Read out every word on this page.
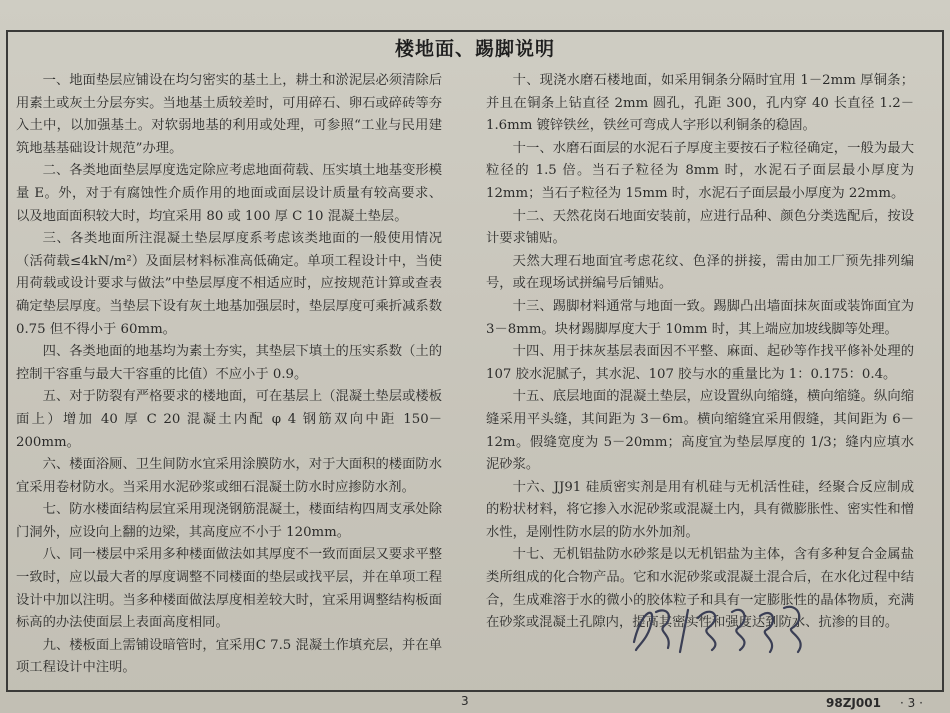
楼地面、踢脚说明

一、地面垫层应铺设在均匀密实的基土上，耕土和淤泥层必须清除后用素土或灰土分层夯实。当地基土质较差时，可用碎石、卵石或碎砖等夯入土中，以加强基土。对软弱地基的利用或处理，可参照“工业与民用建筑地基基础设计规范”办理。

二、各类地面垫层厚度选定除应考虑地面荷载、压实填土地基变形模量 E。外，对于有腐蚀性介质作用的地面或面层设计质量有较高要求、以及地面面积较大时，均宜采用 80 或 100 厚 C 10 混凝土垫层。

三、各类地面所注混凝土垫层厚度系考虑该类地面的一般使用情况（活荷载≤4kN/m²）及面层材料标准高低确定。单项工程设计中，当使用荷载或设计要求与做法”中垫层厚度不相适应时，应按规范计算或查表确定垫层厚度。当垫层下设有灰土地基加强层时，垫层厚度可乘折减系数 0.75 但不得小于 60mm。

四、各类地面的地基均为素土夯实，其垫层下填土的压实系数（土的控制干容重与最大干容重的比值）不应小于 0.9。

五、对于防裂有严格要求的楼地面，可在基层上（混凝土垫层或楼板面上）增加 40 厚 C 20 混凝土内配 φ 4 钢筋双向中距 150－200mm。

六、楼面浴厕、卫生间防水宜采用涂膜防水，对于大面积的楼面防水宜采用卷材防水。当采用水泥砂浆或细石混凝土防水时应掺防水剂。

七、防水楼面结构层宜采用现浇钢筋混凝土，楼面结构四周支承处除门洞外，应设向上翻的边梁，其高度应不小于 120mm。

八、同一楼层中采用多种楼面做法如其厚度不一致而面层又要求平整一致时，应以最大者的厚度调整不同楼面的垫层或找平层，并在单项工程设计中加以注明。当多种楼面做法厚度相差较大时，宜采用调整结构板面标高的办法使面层上表面高度相同。

九、楼板面上需铺设暗管时，宜采用C 7.5 混凝土作填充层，并在单项工程设计中注明。

十、现浇水磨石楼地面，如采用铜条分隔时宜用 1－2mm 厚铜条；并且在铜条上钻直径 2mm 圆孔，孔距 300，孔内穿 40 长直径 1.2－1.6mm 镀锌铁丝，铁丝可弯成人字形以利铜条的稳固。

十一、水磨石面层的水泥石子厚度主要按石子粒径确定，一般为最大粒径的 1.5 倍。当石子粒径为 8mm 时，水泥石子面层最小厚度为 12mm；当石子粒径为 15mm 时，水泥石子面层最小厚度为 22mm。

十二、天然花岗石地面安装前，应进行品种、颜色分类选配后，按设计要求铺贴。

天然大理石地面宜考虑花纹、色泽的拼接，需由加工厂预先排列编号，或在现场试拼编号后铺贴。

十三、踢脚材料通常与地面一致。踢脚凸出墙面抹灰面或装饰面宜为 3－8mm。块材踢脚厚度大于 10mm 时，其上端应加坡线脚等处理。

十四、用于抹灰基层表面因不平整、麻面、起砂等作找平修补处理的 107 胶水泥腻子，其水泥、107 胶与水的重量比为 1：0.175：0.4。

十五、底层地面的混凝土垫层，应设置纵向缩缝，横向缩缝。纵向缩缝采用平头缝，其间距为 3－6m。横向缩缝宜采用假缝，其间距为 6－12m。假缝宽度为 5－20mm；高度宜为垫层厚度的 1/3；缝内应填水泥砂浆。

十六、JJ91 硅质密实剂是用有机硅与无机活性硅，经聚合反应制成的粉状材料，将它掺入水泥砂浆或混凝土内，具有微膨胀性、密实性和憎水性，是刚性防水层的防水外加剂。

十七、无机铝盐防水砂浆是以无机铝盐为主体，含有多种复合金属盐类所组成的化合物产品。它和水泥砂浆或混凝土混合后，在水化过程中结合，生成难溶于水的微小的胶体粒子和具有一定膨胀性的晶体物质，充满在砂浆或混凝土孔隙内，提高其密实性和强度达到防水、抗渗的目的。

3	98ZJ001 · 3 ·
